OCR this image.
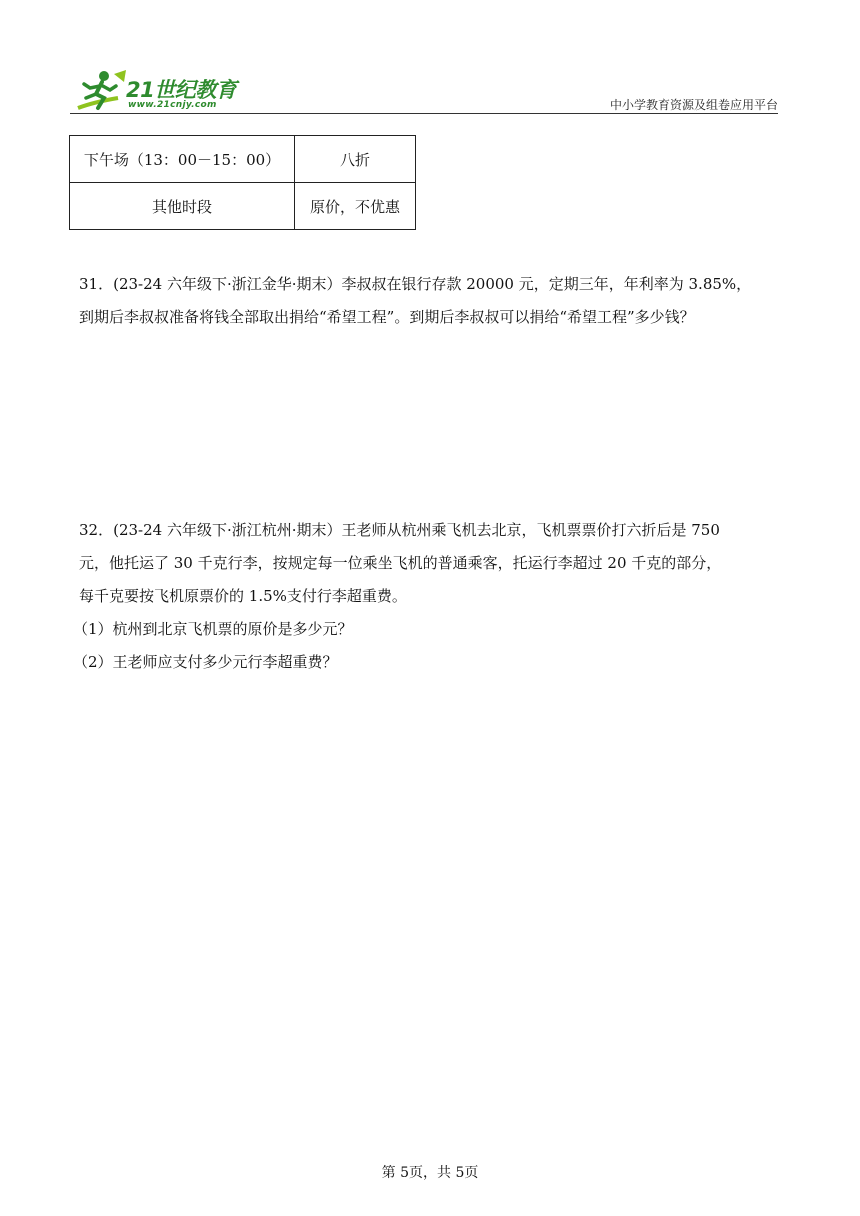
21世纪教育
www.21cnjy.com	中小学教育资源及组卷应用平台
下午场（13：00－15：00）	八折
其他时段	原价，不优惠
31．(23-24 六年级下·浙江金华·期末）李叔叔在银行存款 20000 元，定期三年，年利率为 3.85%，
到期后李叔叔准备将钱全部取出捐给“希望工程”。到期后李叔叔可以捐给“希望工程”多少钱？
32．(23-24 六年级下·浙江杭州·期末）王老师从杭州乘飞机去北京，飞机票票价打六折后是 750
元，他托运了 30 千克行李，按规定每一位乘坐飞机的普通乘客，托运行李超过 20 千克的部分，
每千克要按飞机原票价的 1.5%支付行李超重费。
（1）杭州到北京飞机票的原价是多少元？
（2）王老师应支付多少元行李超重费？
第 5页，共 5页
